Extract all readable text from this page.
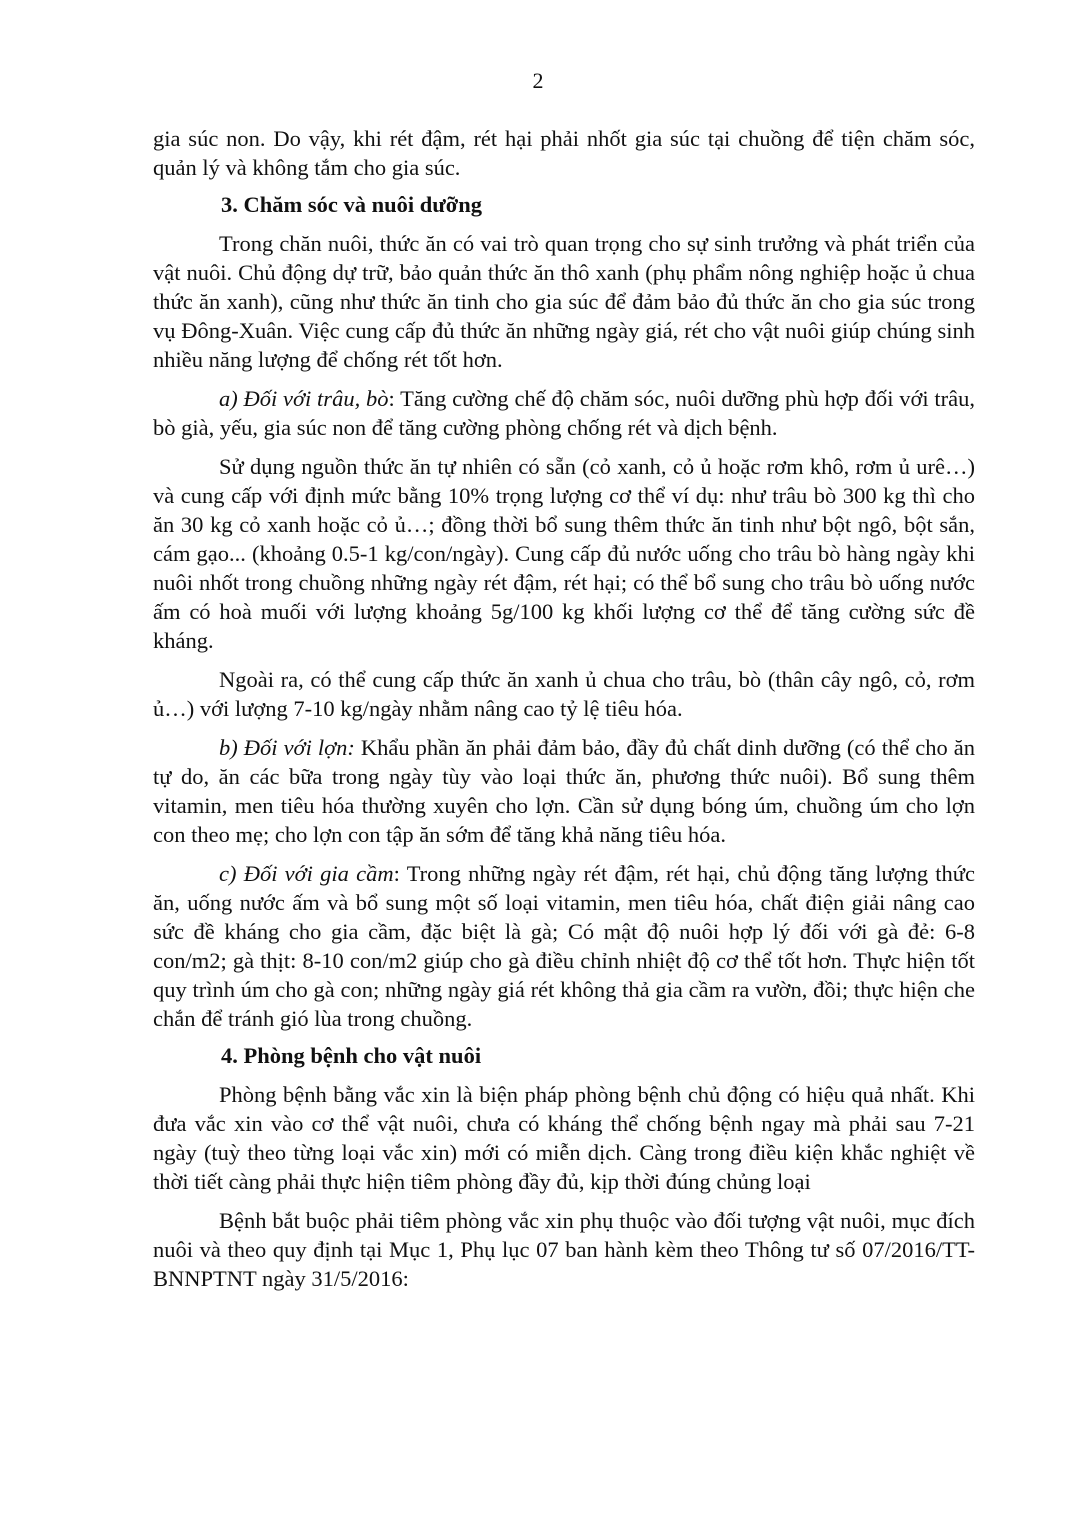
2

gia súc non. Do vậy, khi rét đậm, rét hại phải nhốt gia súc tại chuồng để tiện chăm sóc, quản lý và không tắm cho gia súc.

3. Chăm sóc và nuôi dưỡng

Trong chăn nuôi, thức ăn có vai trò quan trọng cho sự sinh trưởng và phát triển của vật nuôi. Chủ động dự trữ, bảo quản thức ăn thô xanh (phụ phẩm nông nghiệp hoặc ủ chua thức ăn xanh), cũng như thức ăn tinh cho gia súc để đảm bảo đủ thức ăn cho gia súc trong vụ Đông-Xuân. Việc cung cấp đủ thức ăn những ngày giá, rét cho vật nuôi giúp chúng sinh nhiều năng lượng để chống rét tốt hơn.

a) Đối với trâu, bò: Tăng cường chế độ chăm sóc, nuôi dưỡng phù hợp đối với trâu, bò già, yếu, gia súc non để tăng cường phòng chống rét và dịch bệnh.

Sử dụng nguồn thức ăn tự nhiên có sẵn (cỏ xanh, cỏ ủ hoặc rơm khô, rơm ủ urê…) và cung cấp với định mức bằng 10% trọng lượng cơ thể ví dụ: như trâu bò 300 kg thì cho ăn 30 kg cỏ xanh hoặc cỏ ủ…; đồng thời bổ sung thêm thức ăn tinh như bột ngô, bột sắn, cám gạo... (khoảng 0.5-1 kg/con/ngày). Cung cấp đủ nước uống cho trâu bò hàng ngày khi nuôi nhốt trong chuồng những ngày rét đậm, rét hại; có thể bổ sung cho trâu bò uống nước ấm có hoà muối với lượng khoảng 5g/100 kg khối lượng cơ thể để tăng cường sức đề kháng.

Ngoài ra, có thể cung cấp thức ăn xanh ủ chua cho trâu, bò (thân cây ngô, cỏ, rơm ủ…) với lượng 7-10 kg/ngày nhằm nâng cao tỷ lệ tiêu hóa.

b) Đối với lợn: Khẩu phần ăn phải đảm bảo, đầy đủ chất dinh dưỡng (có thể cho ăn tự do, ăn các bữa trong ngày tùy vào loại thức ăn, phương thức nuôi). Bổ sung thêm vitamin, men tiêu hóa thường xuyên cho lợn. Cần sử dụng bóng úm, chuồng úm cho lợn con theo mẹ; cho lợn con tập ăn sớm để tăng khả năng tiêu hóa.

c) Đối với gia cầm: Trong những ngày rét đậm, rét hại, chủ động tăng lượng thức ăn, uống nước ấm và bổ sung một số loại vitamin, men tiêu hóa, chất điện giải nâng cao sức đề kháng cho gia cầm, đặc biệt là gà; Có mật độ nuôi hợp lý đối với gà đẻ: 6-8 con/m2; gà thịt: 8-10 con/m2 giúp cho gà điều chỉnh nhiệt độ cơ thể tốt hơn. Thực hiện tốt quy trình úm cho gà con; những ngày giá rét không thả gia cầm ra vườn, đồi; thực hiện che chắn để tránh gió lùa trong chuồng.

4. Phòng bệnh cho vật nuôi

Phòng bệnh bằng vắc xin là biện pháp phòng bệnh chủ động có hiệu quả nhất. Khi đưa vắc xin vào cơ thể vật nuôi, chưa có kháng thể chống bệnh ngay mà phải sau 7-21 ngày (tuỳ theo từng loại vắc xin) mới có miễn dịch. Càng trong điều kiện khắc nghiệt về thời tiết càng phải thực hiện tiêm phòng đầy đủ, kịp thời đúng chủng loại

Bệnh bắt buộc phải tiêm phòng vắc xin phụ thuộc vào đối tượng vật nuôi, mục đích nuôi và theo quy định tại Mục 1, Phụ lục 07 ban hành kèm theo Thông tư số 07/2016/TT-BNNPTNT ngày 31/5/2016:
